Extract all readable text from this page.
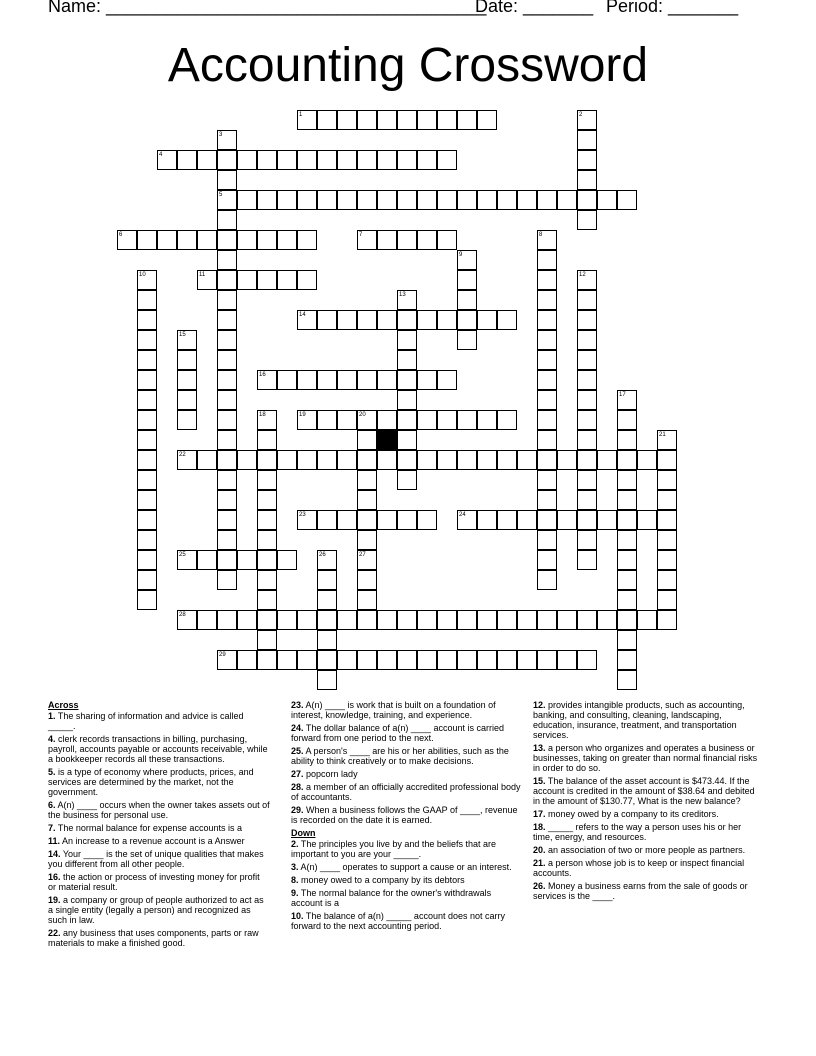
Name: ______________________________________
Date: _______ Period: _______
Accounting Crossword
1	2
3
5
4
6	7	8
9
10	11	12
13
14
15
16
17
18	19	20
27
21
22
23	24
25	26
28
29
Across
1. The sharing of information and advice is called _____.
4. clerk records transactions in billing, purchasing, payroll, accounts payable or accounts receivable, while a bookkeeper records all these transactions.
5. is a type of economy where products, prices, and services are determined by the market, not the government.
6. A(n) ____ occurs when the owner takes assets out of the business for personal use.
7. The normal balance for expense accounts is a
11. An increase to a revenue account is a Answer
14. Your ____ is the set of unique qualities that makes you different from all other people.
16. the action or process of investing money for profit or material result.
19. a company or group of people authorized to act as a single entity (legally a person) and recognized as such in law.
22. any business that uses components, parts or raw materials to make a finished good.
23. A(n) ____ is work that is built on a foundation of interest, knowledge, training, and experience.
24. The dollar balance of a(n) ____ account is carried forward from one period to the next.
25. A person's ____ are his or her abilities, such as the ability to think creatively or to make decisions.
27. popcorn lady
28. a member of an officially accredited professional body of accountants.
29. When a business follows the GAAP of ____, revenue is recorded on the date it is earned.
Down
2. The principles you live by and the beliefs that are important to you are your _____.
3. A(n) ____ operates to support a cause or an interest.
8. money owed to a company by its debtors
9. The normal balance for the owner's withdrawals account is a
10. The balance of a(n) _____ account does not carry forward to the next accounting period.
12. provides intangible products, such as accounting, banking, and consulting, cleaning, landscaping, education, insurance, treatment, and transportation services.
13. a person who organizes and operates a business or businesses, taking on greater than normal financial risks in order to do so.
15. The balance of the asset account is $473.44. If the account is credited in the amount of $38.64 and debited in the amount of $130.77, What is the new balance?
17. money owed by a company to its creditors.
18. _____ refers to the way a person uses his or her time, energy, and resources.
20. an association of two or more people as partners.
21. a person whose job is to keep or inspect financial accounts.
26. Money a business earns from the sale of goods or services is the ____.
